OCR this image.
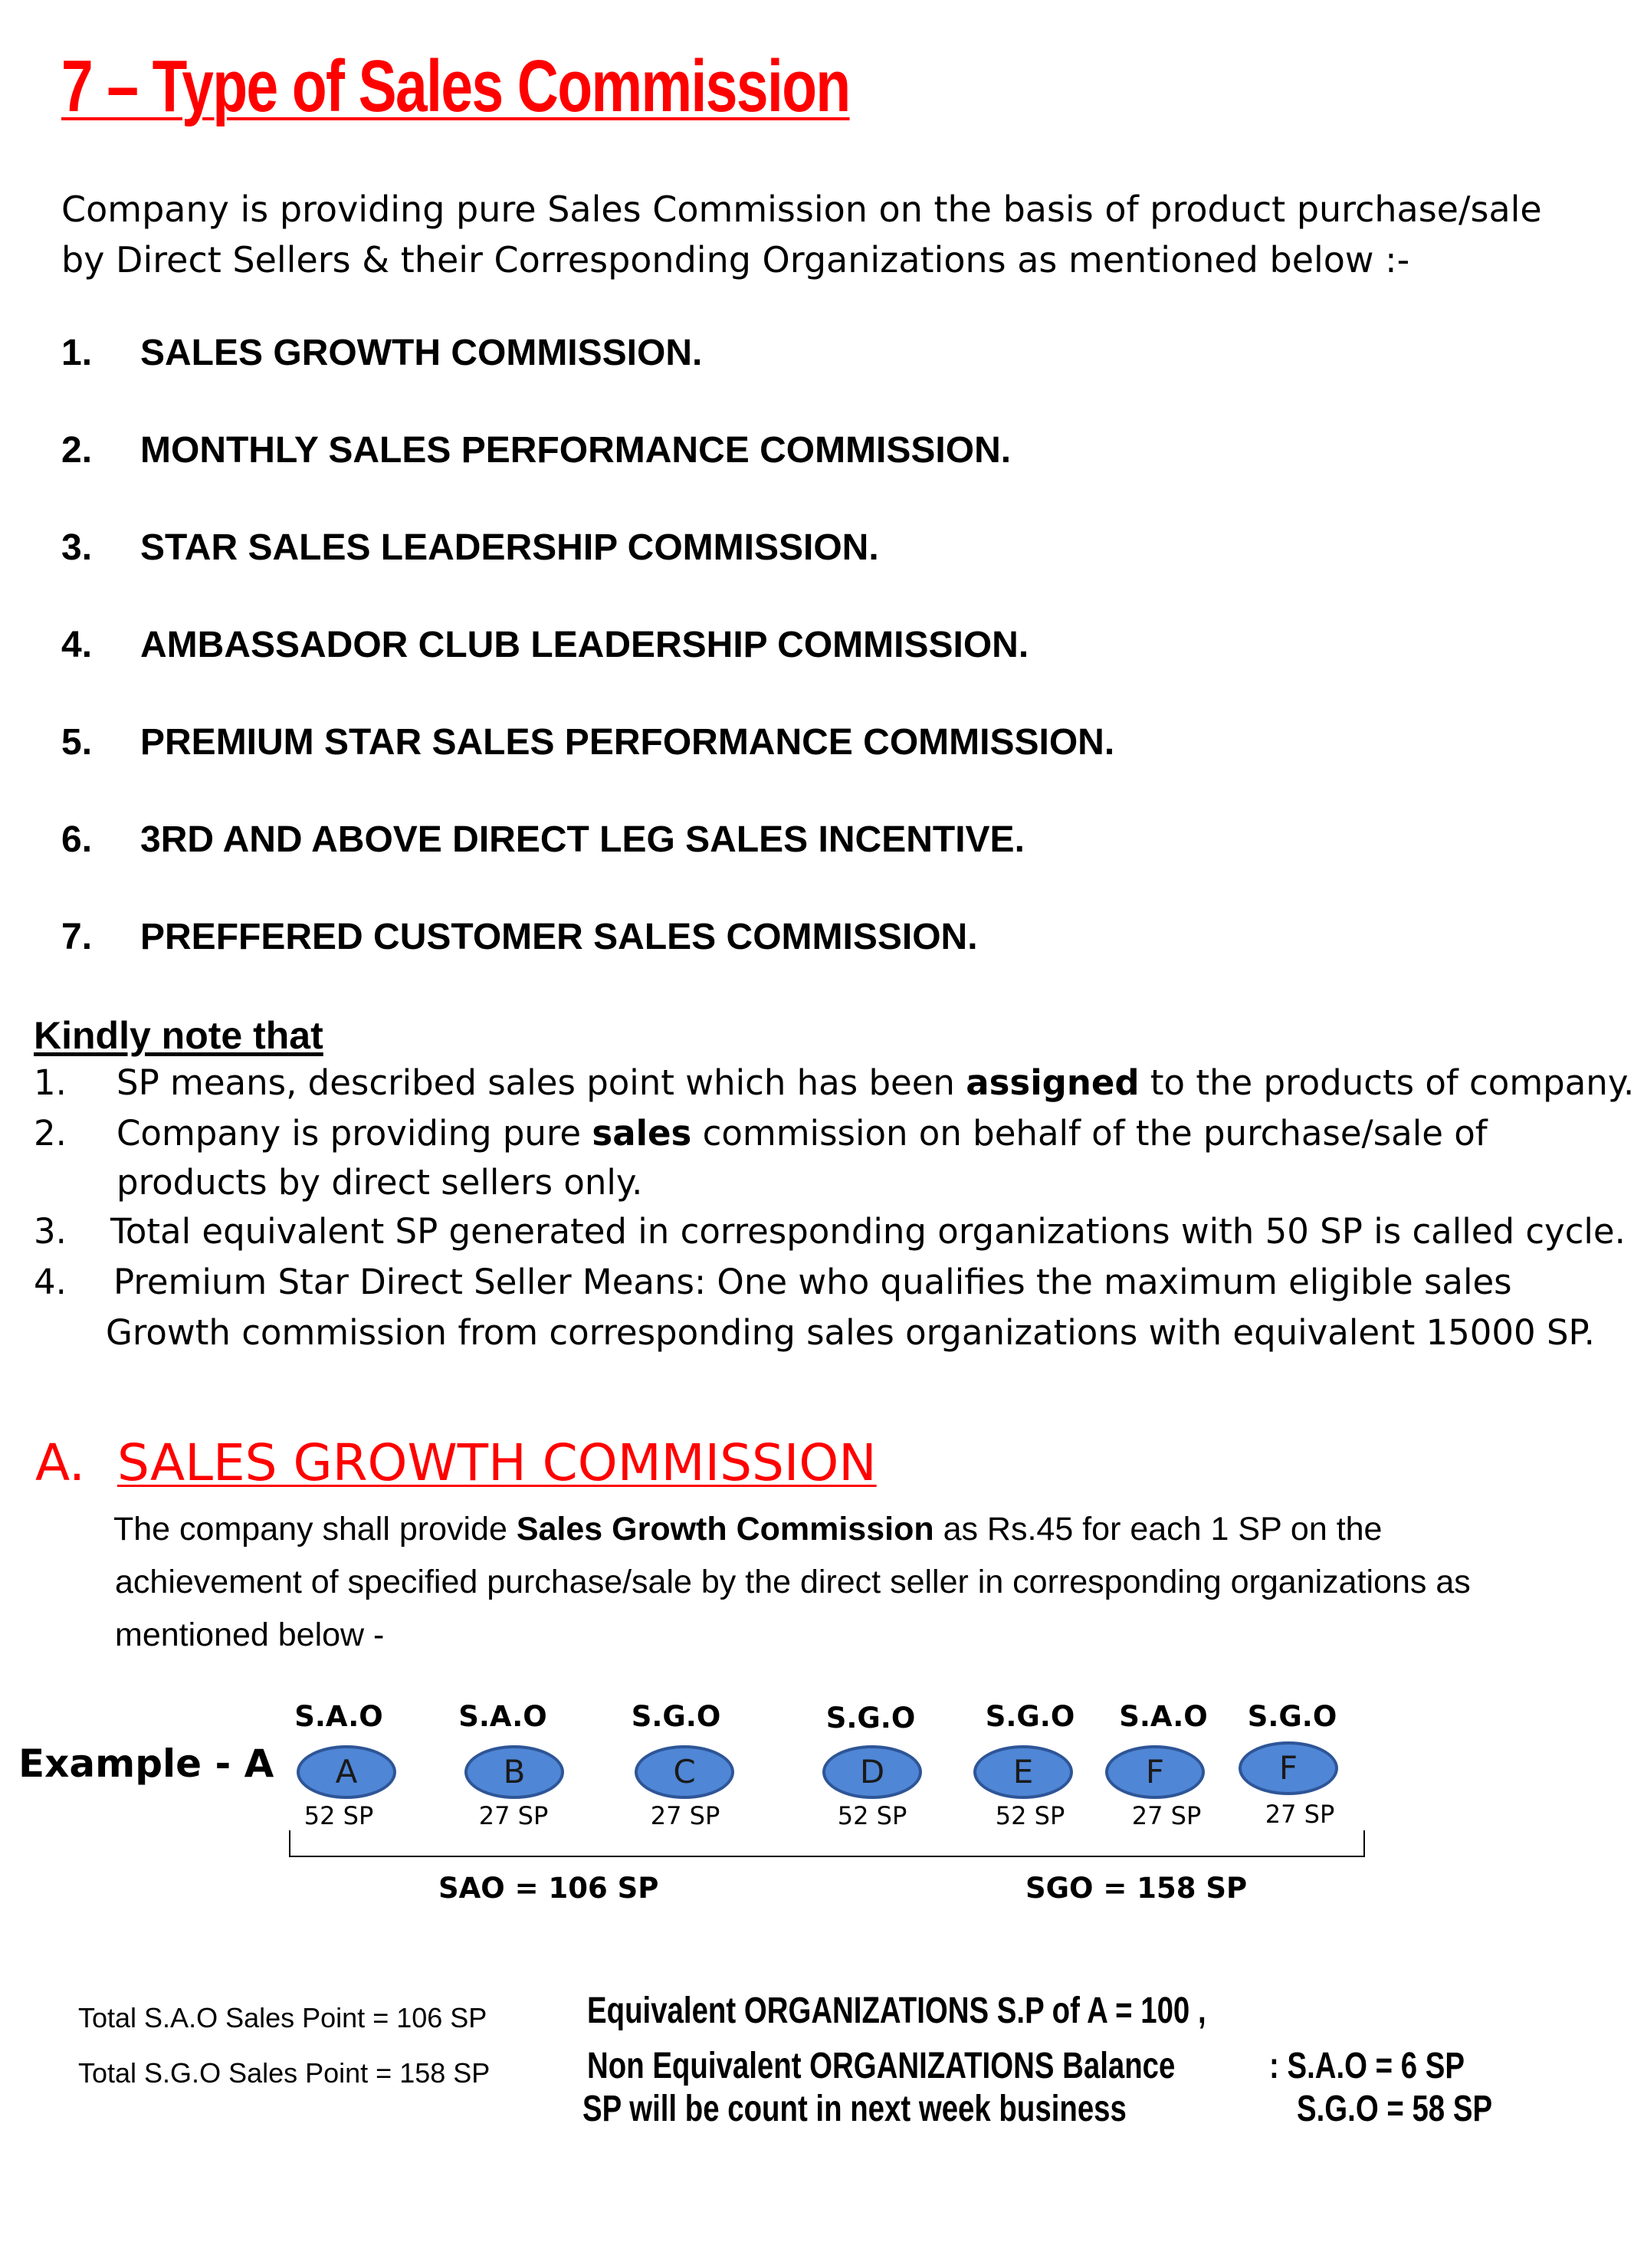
7 – Type of Sales Commission
Company is providing pure Sales Commission on the basis of product purchase/sale
by Direct Sellers & their Corresponding Organizations as mentioned below :-
1. SALES GROWTH COMMISSION.
2. MONTHLY SALES PERFORMANCE COMMISSION.
3. STAR SALES LEADERSHIP COMMISSION.
4. AMBASSADOR CLUB LEADERSHIP COMMISSION.
5. PREMIUM STAR SALES PERFORMANCE COMMISSION.
6. 3RD AND ABOVE DIRECT LEG SALES INCENTIVE.
7. PREFFERED CUSTOMER SALES COMMISSION.
Kindly note that
1. SP means, described sales point which has been assigned to the products of company.
2. Company is providing pure sales commission on behalf of the purchase/sale of
products by direct sellers only.
3. Total equivalent SP generated in corresponding organizations with 50 SP is called cycle.
4. Premium Star Direct Seller Means: One who qualifies the maximum eligible sales
Growth commission from corresponding sales organizations with equivalent 15000 SP.
A. SALES GROWTH COMMISSION
The company shall provide Sales Growth Commission as Rs.45 for each 1 SP on the
achievement of specified purchase/sale by the direct seller in corresponding organizations as
mentioned below -
Example - A
S.A.O
A
52 SP
S.A.O
B
27 SP
S.G.O
C
27 SP
S.G.O
D
52 SP
S.G.O
E
52 SP
S.A.O
F
27 SP
S.G.O
F
27 SP
SAO = 106 SP	SGO = 158 SP
Total S.A.O Sales Point = 106 SP
Total S.G.O Sales Point = 158 SP
Equivalent ORGANIZATIONS S.P of A = 100 ,
Non Equivalent ORGANIZATIONS Balance
SP will be count in next week business
: S.A.O = 6 SP
S.G.O = 58 SP
